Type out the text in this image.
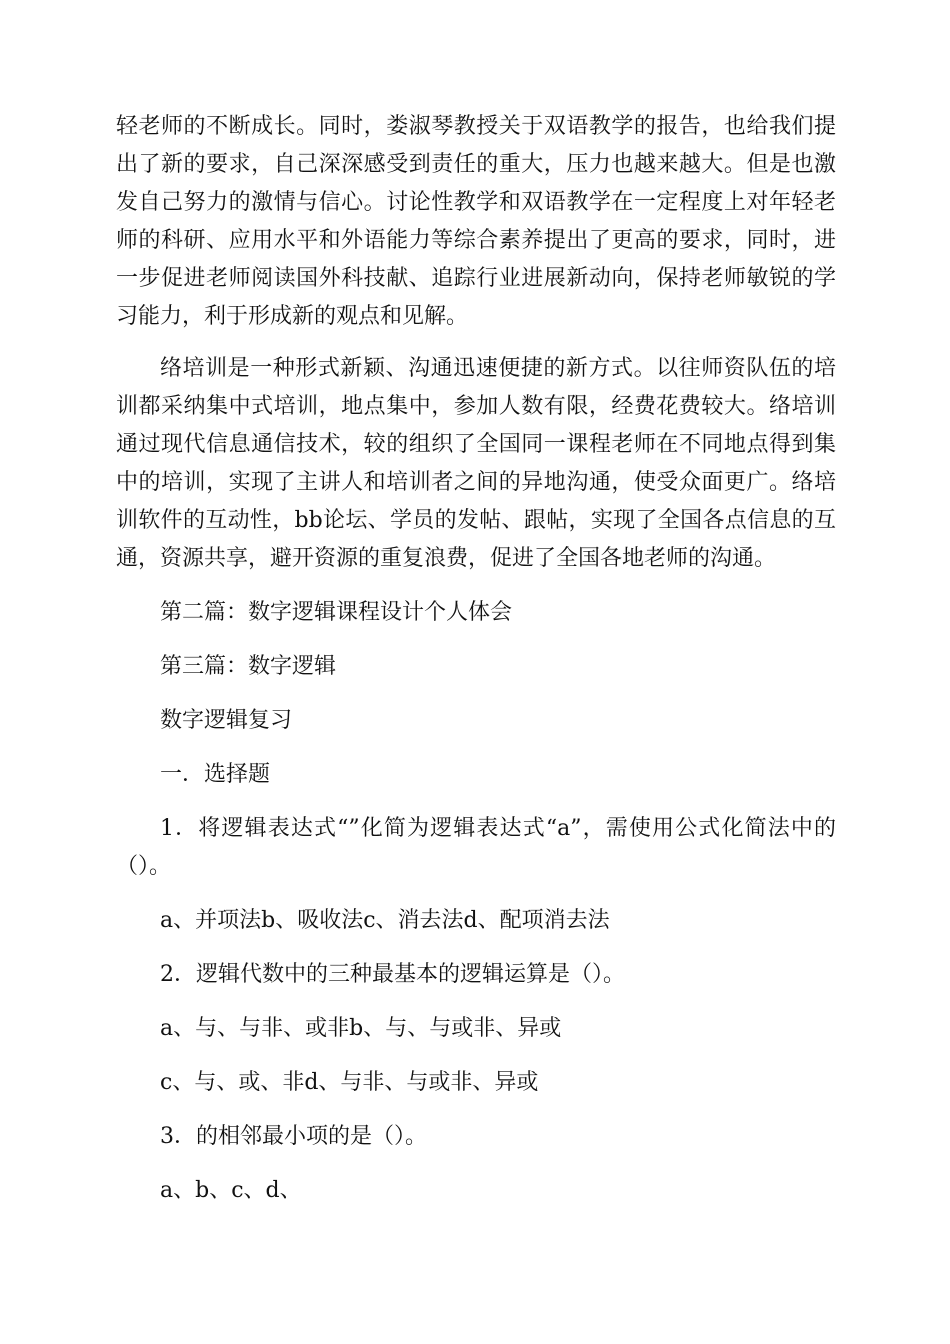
轻老师的不断成长。同时，娄淑琴教授关于双语教学的报告，也给我们提出了新的要求，自己深深感受到责任的重大，压力也越来越大。但是也激发自己努力的激情与信心。讨论性教学和双语教学在一定程度上对年轻老师的科研、应用水平和外语能力等综合素养提出了更高的要求，同时，进一步促进老师阅读国外科技献、追踪行业进展新动向，保持老师敏锐的学习能力，利于形成新的观点和见解。

络培训是一种形式新颖、沟通迅速便捷的新方式。以往师资队伍的培训都采纳集中式培训，地点集中，参加人数有限，经费花费较大。络培训通过现代信息通信技术，较的组织了全国同一课程老师在不同地点得到集中的培训，实现了主讲人和培训者之间的异地沟通，使受众面更广。络培训软件的互动性，bb论坛、学员的发帖、跟帖，实现了全国各点信息的互通，资源共享，避开资源的重复浪费，促进了全国各地老师的沟通。

第二篇：数字逻辑课程设计个人体会

第三篇：数字逻辑

数字逻辑复习

一．选择题

1．将逻辑表达式“”化简为逻辑表达式“a”，需使用公式化简法中的（）。

a、并项法b、吸收法c、消去法d、配项消去法

2．逻辑代数中的三种最基本的逻辑运算是（）。

a、与、与非、或非b、与、与或非、异或

c、与、或、非d、与非、与或非、异或

3．的相邻最小项的是（）。

a、b、c、d、
